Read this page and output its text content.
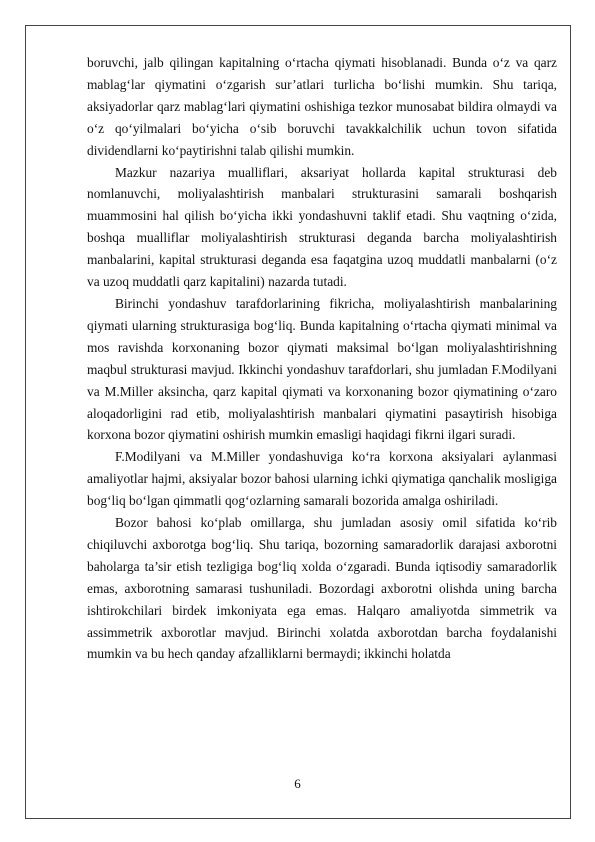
boruvchi, jalb qilingan kapitalning o‘rtacha qiymati hisoblanadi. Bunda o‘z va qarz mablag‘lar qiymatini o‘zgarish sur’atlari turlicha bo‘lishi mumkin. Shu tariqa, aksiyadorlar qarz mablag‘lari qiymatini oshishiga tezkor munosabat bildira olmaydi va o‘z qo‘yilmalari bo‘yicha o‘sib boruvchi tavakkalchilik uchun tovon sifatida dividendlarni ko‘paytirishni talab qilishi mumkin.

Mazkur nazariya mualliflari, aksariyat hollarda kapital strukturasi deb nomlanuvchi, moliyalashtirish manbalari strukturasini samarali boshqarish muammosini hal qilish bo‘yicha ikki yondashuvni taklif etadi. Shu vaqtning o‘zida, boshqa mualliflar moliyalashtirish strukturasi deganda barcha moliyalashtirish manbalarini, kapital strukturasi deganda esa faqatgina uzoq muddatli manbalarni (o‘z va uzoq muddatli qarz kapitalini) nazarda tutadi.

Birinchi yondashuv tarafdorlarining fikricha, moliyalashtirish manbalarining qiymati ularning strukturasiga bog‘liq. Bunda kapitalning o‘rtacha qiymati minimal va mos ravishda korxonaning bozor qiymati maksimal bo‘lgan moliyalashtirishning maqbul strukturasi mavjud. Ikkinchi yondashuv tarafdorlari, shu jumladan F.Modilyani va M.Miller aksincha, qarz kapital qiymati va korxonaning bozor qiymatining o‘zaro aloqadorligini rad etib, moliyalashtirish manbalari qiymatini pasaytirish hisobiga korxona bozor qiymatini oshirish mumkin emasligi haqidagi fikrni ilgari suradi.

F.Modilyani va M.Miller yondashuviga ko‘ra korxona aksiyalari aylanmasi amaliyotlar hajmi, aksiyalar bozor bahosi ularning ichki qiymatiga qanchalik mosligiga bog‘liq bo‘lgan qimmatli qog‘ozlarning samarali bozorida amalga oshiriladi.

Bozor bahosi ko‘plab omillarga, shu jumladan asosiy omil sifatida ko‘rib chiqiluvchi axborotga bog‘liq. Shu tariqa, bozorning samaradorlik darajasi axborotni baholarga ta’sir etish tezligiga bog‘liq xolda o‘zgaradi. Bunda iqtisodiy samaradorlik emas, axborotning samarasi tushuniladi. Bozordagi axborotni olishda uning barcha ishtirokchilari birdek imkoniyata ega emas. Halqaro amaliyotda simmetrik va assimmetrik axborotlar mavjud. Birinchi xolatda axborotdan barcha foydalanishi mumkin va bu hech qanday afzalliklarni bermaydi; ikkinchi holatda

6
